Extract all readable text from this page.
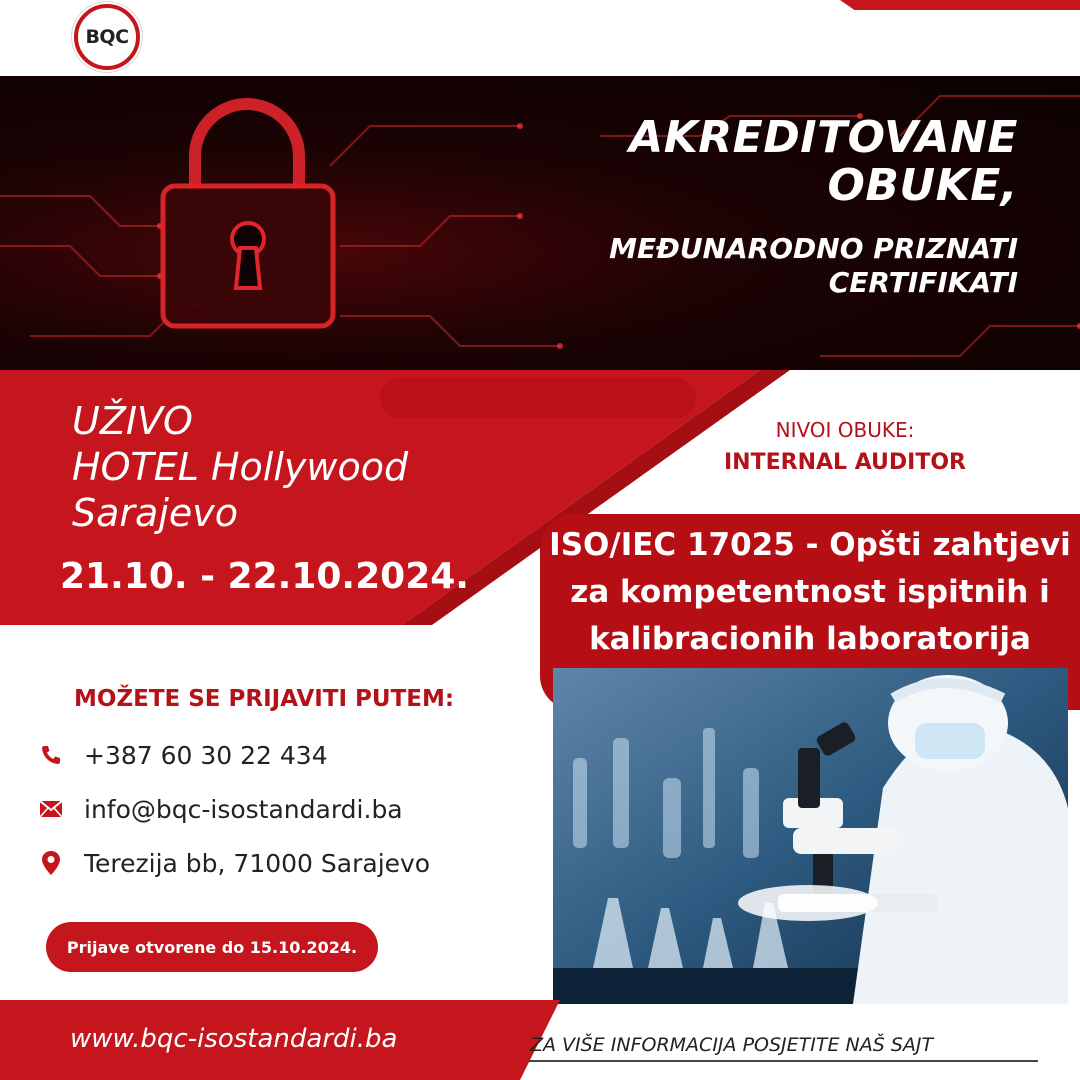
BQC
AKREDITOVANE
OBUKE,
MEĐUNARODNO PRIZNATI
CERTIFIKATI
UŽIVO
HOTEL Hollywood
Sarajevo
21.10. - 22.10.2024.
NIVOI OBUKE:
INTERNAL AUDITOR
ISO/IEC 17025 - Opšti zahtjevi
za kompetentnost ispitnih i
kalibracionih laboratorija
MOŽETE SE PRIJAVITI PUTEM:
+387 60 30 22 434
info@bqc-isostandardi.ba
Terezija bb, 71000 Sarajevo
Prijave otvorene do 15.10.2024.
www.bqc-isostandardi.ba	ZA VIŠE INFORMACIJA POSJETITE NAŠ SAJT
